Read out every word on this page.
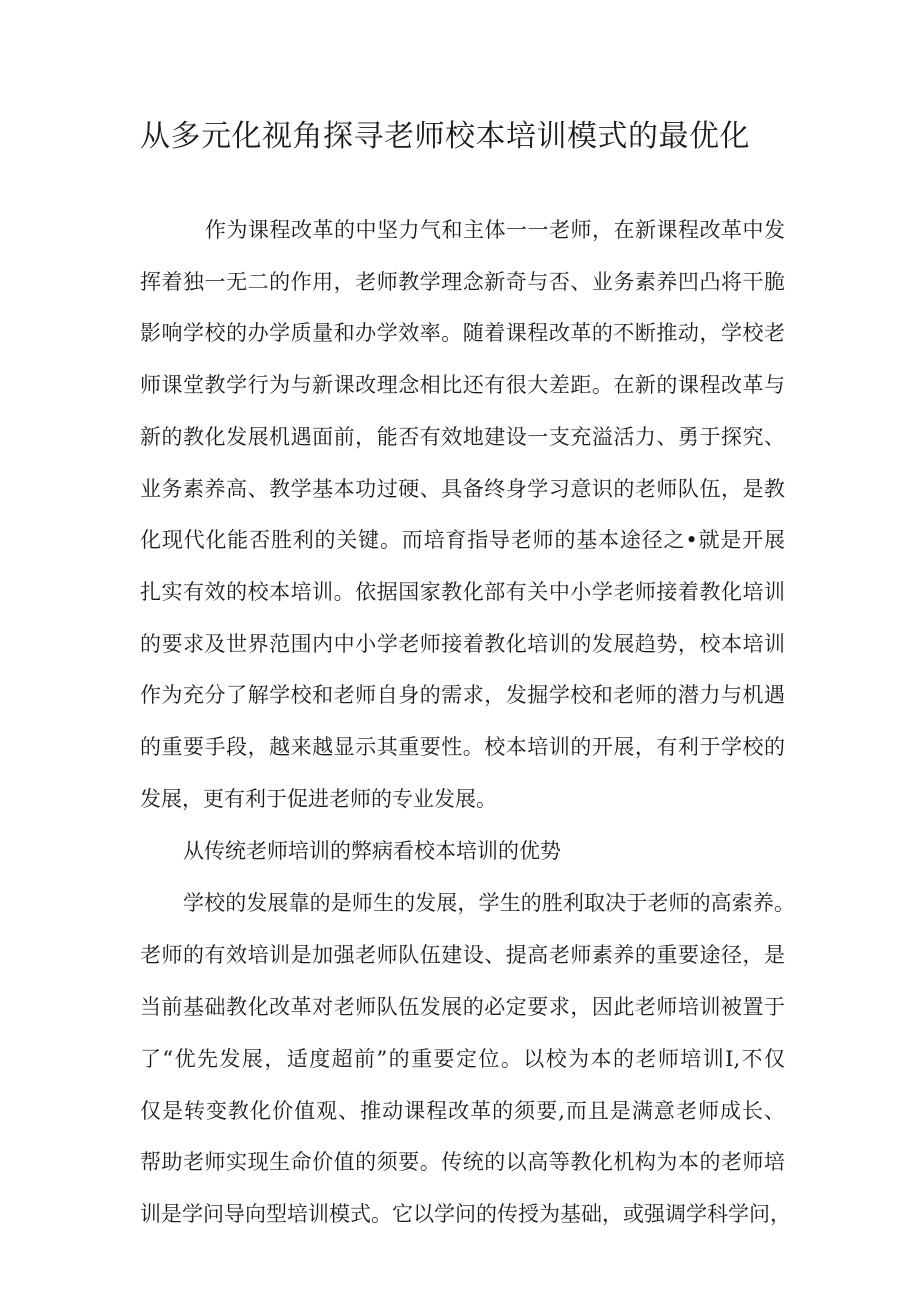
从多元化视角探寻老师校本培训模式的最优化

作为课程改革的中坚力气和主体一一老师，在新课程改革中发

挥着独一无二的作用，老师教学理念新奇与否、业务素养凹凸将干脆

影响学校的办学质量和办学效率。随着课程改革的不断推动，学校老

师课堂教学行为与新课改理念相比还有很大差距。在新的课程改革与

新的教化发展机遇面前，能否有效地建设一支充溢活力、勇于探究、

业务素养高、教学基本功过硬、具备终身学习意识的老师队伍，是教

化现代化能否胜利的关键。而培育指导老师的基本途径之•就是开展

扎实有效的校本培训。依据国家教化部有关中小学老师接着教化培训

的要求及世界范围内中小学老师接着教化培训的发展趋势，校本培训

作为充分了解学校和老师自身的需求，发掘学校和老师的潜力与机遇

的重要手段，越来越显示其重要性。校本培训的开展，有利于学校的

发展，更有利于促进老师的专业发展。

从传统老师培训的弊病看校本培训的优势

学校的发展靠的是师生的发展，学生的胜利取决于老师的高索养。

老师的有效培训是加强老师队伍建设、提高老师素养的重要途径，是

当前基础教化改革对老师队伍发展的必定要求，因此老师培训被置于

了“优先发展，适度超前”的重要定位。以校为本的老师培训I,不仅

仅是转变教化价值观、推动课程改革的须要,而且是满意老师成长、

帮助老师实现生命价值的须要。传统的以高等教化机构为本的老师培

训是学问导向型培训模式。它以学问的传授为基础，或强调学科学问，
